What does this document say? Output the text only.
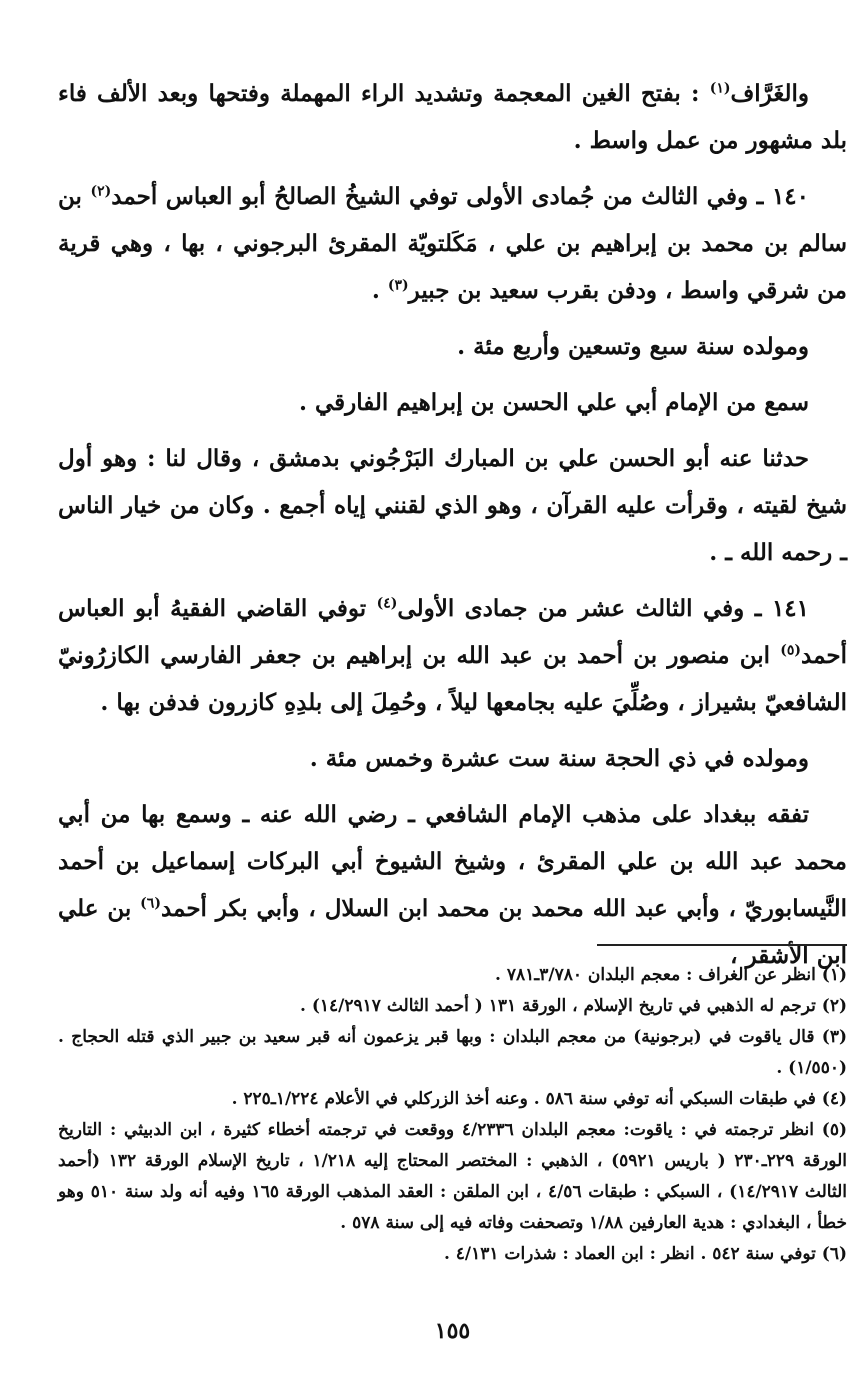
والغَرَّاف$^{(١)}$ : بفتح الغين المعجمة وتشديد الراء المهملة وفتحها وبعد الألف فاء بلد مشهور من عمل واسط .

١٤٠ ـ وفي الثالث من جُمادى الأولى توفي الشيخُ الصالحُ أبو العباس أحمد$^{(٢)}$ بن سالم بن محمد بن إبراهيم بن علي ، مَكَلتويّة المقرئ البرجوني ، بها ، وهي قرية من شرقي واسط ، ودفن بقرب سعيد بن جبير$^{(٣)}$ .

ومولده سنة سبع وتسعين وأربع مئة .

سمع من الإمام أبي علي الحسن بن إبراهيم الفارقي .

حدثنا عنه أبو الحسن علي بن المبارك البَرْجُوني بدمشق ، وقال لنا : وهو أول شيخ لقيته ، وقرأت عليه القرآن ، وهو الذي لقنني إياه أجمع . وكان من خيار الناس ـ رحمه الله ـ .

١٤١ ـ وفي الثالث عشر من جمادى الأولى$^{(٤)}$ توفي القاضي الفقيهُ أبو العباس أحمد$^{(٥)}$ ابن منصور بن أحمد بن عبد الله بن إبراهيم بن جعفر الفارسي الكازرُونيّ الشافعيّ بشيراز ، وصُلِّيَ عليه بجامعها ليلاً ، وحُمِلَ إلى بلدِهِ كازرون فدفن بها .

ومولده في ذي الحجة سنة ست عشرة وخمس مئة .

تفقه ببغداد على مذهب الإمام الشافعي ـ رضي الله عنه ـ وسمع بها من أبي محمد عبد الله بن علي المقرئ ، وشيخ الشيوخ أبي البركات إسماعيل بن أحمد النَّيسابوريّ ، وأبي عبد الله محمد بن محمد ابن السلال ، وأبي بكر أحمد$^{(٦)}$ بن علي ابن الأشقر ،

(١) انظر عن الغراف : معجم البلدان ٣/٧٨٠ـ٧٨١ .
(٢) ترجم له الذهبي في تاريخ الإسلام ، الورقة ١٣١ ( أحمد الثالث ١٤/٢٩١٧) .
(٣) قال ياقوت في (برجونية) من معجم البلدان : وبها قبر يزعمون أنه قبر سعيد بن جبير الذي قتله الحجاج . (١/٥٥٠) .
(٤) في طبقات السبكي أنه توفي سنة ٥٨٦ . وعنه أخذ الزركلي في الأعلام ١/٢٢٤ـ٢٢٥ .
(٥) انظر ترجمته في : ياقوت: معجم البلدان ٤/٢٣٣٦ ووقعت في ترجمته أخطاء كثيرة ، ابن الدبيثي : التاريخ الورقة ٢٢٩ـ٢٣٠ ( باريس ٥٩٢١) ، الذهبي : المختصر المحتاج إليه ١/٢١٨ ، تاريخ الإسلام الورقة ١٣٢ (أحمد الثالث ١٤/٢٩١٧) ، السبكي : طبقات ٤/٥٦ ، ابن الملقن : العقد المذهب الورقة ١٦٥ وفيه أنه ولد سنة ٥١٠ وهو خطأ ، البغدادي : هدية العارفين ١/٨٨ وتصحفت وفاته فيه إلى سنة ٥٧٨ .
(٦) توفي سنة ٥٤٢ . انظر : ابن العماد : شذرات ٤/١٣١ .
١٥٥
